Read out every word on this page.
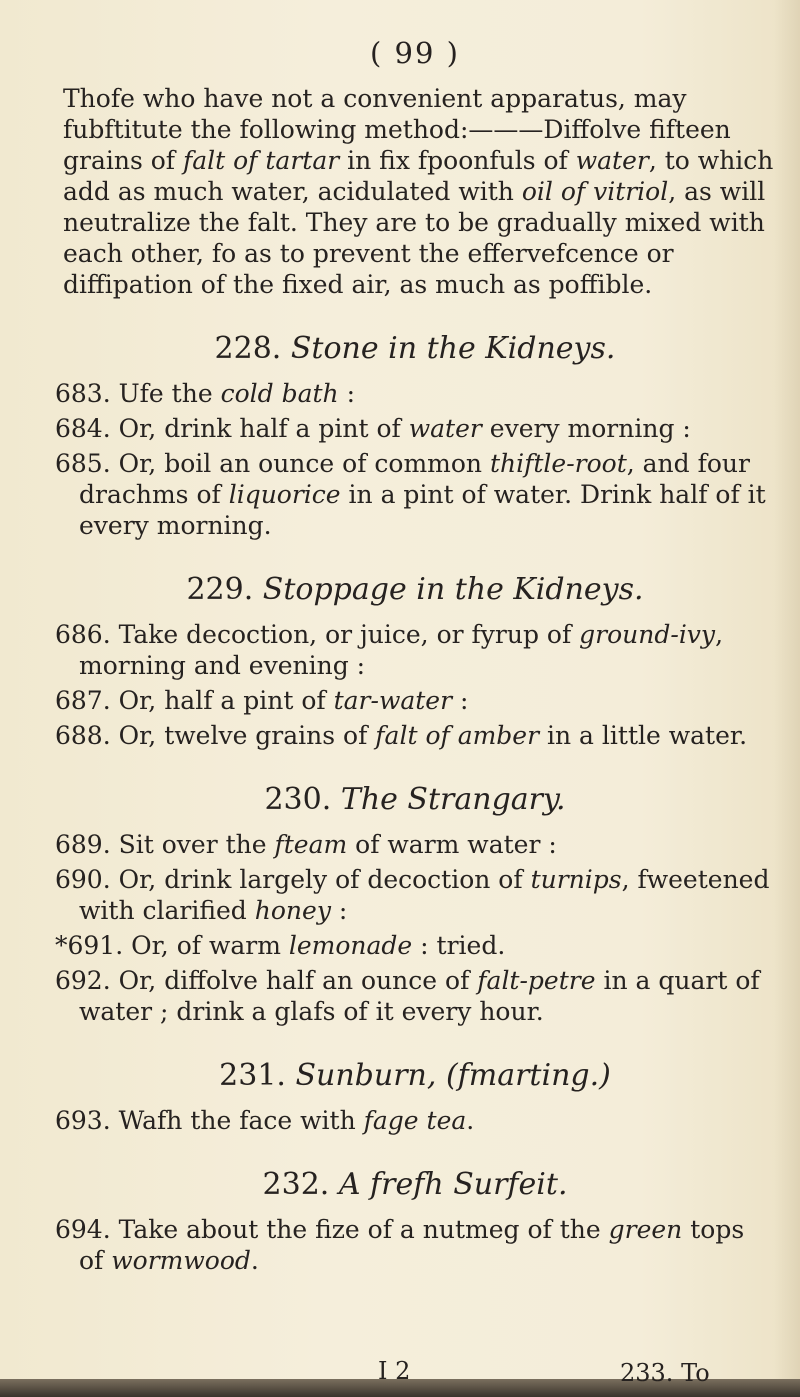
( 99 )
Thofe who have not a convenient apparatus, may fubftitute the following method:———Diffolve fifteen grains of falt of tartar in fix fpoonfuls of water, to which add as much water, acidulated with oil of vitriol, as will neutralize the falt. They are to be gradually mixed with each other, fo as to prevent the effervefcence or diffipation of the fixed air, as much as poffible.
228. Stone in the Kidneys.

683. Ufe the cold bath :

684. Or, drink half a pint of water every morning :

685. Or, boil an ounce of common thiftle-root, and four drachms of liquorice in a pint of water. Drink half of it every morning.

229. Stoppage in the Kidneys.

686. Take decoction, or juice, or fyrup of ground-ivy, morning and evening :

687. Or, half a pint of tar-water :

688. Or, twelve grains of falt of amber in a little water.

230. The Strangary.

689. Sit over the fteam of warm water :

690. Or, drink largely of decoction of turnips, fweetened with clarified honey :

*691. Or, of warm lemonade : tried.

692. Or, diffolve half an ounce of falt-petre in a quart of water ; drink a glafs of it every hour.

231. Sunburn, (fmarting.)

693. Wafh the face with fage tea.

232. A frefh Surfeit.

694. Take about the fize of a nutmeg of the green tops of wormwood.

I 2	233. To
